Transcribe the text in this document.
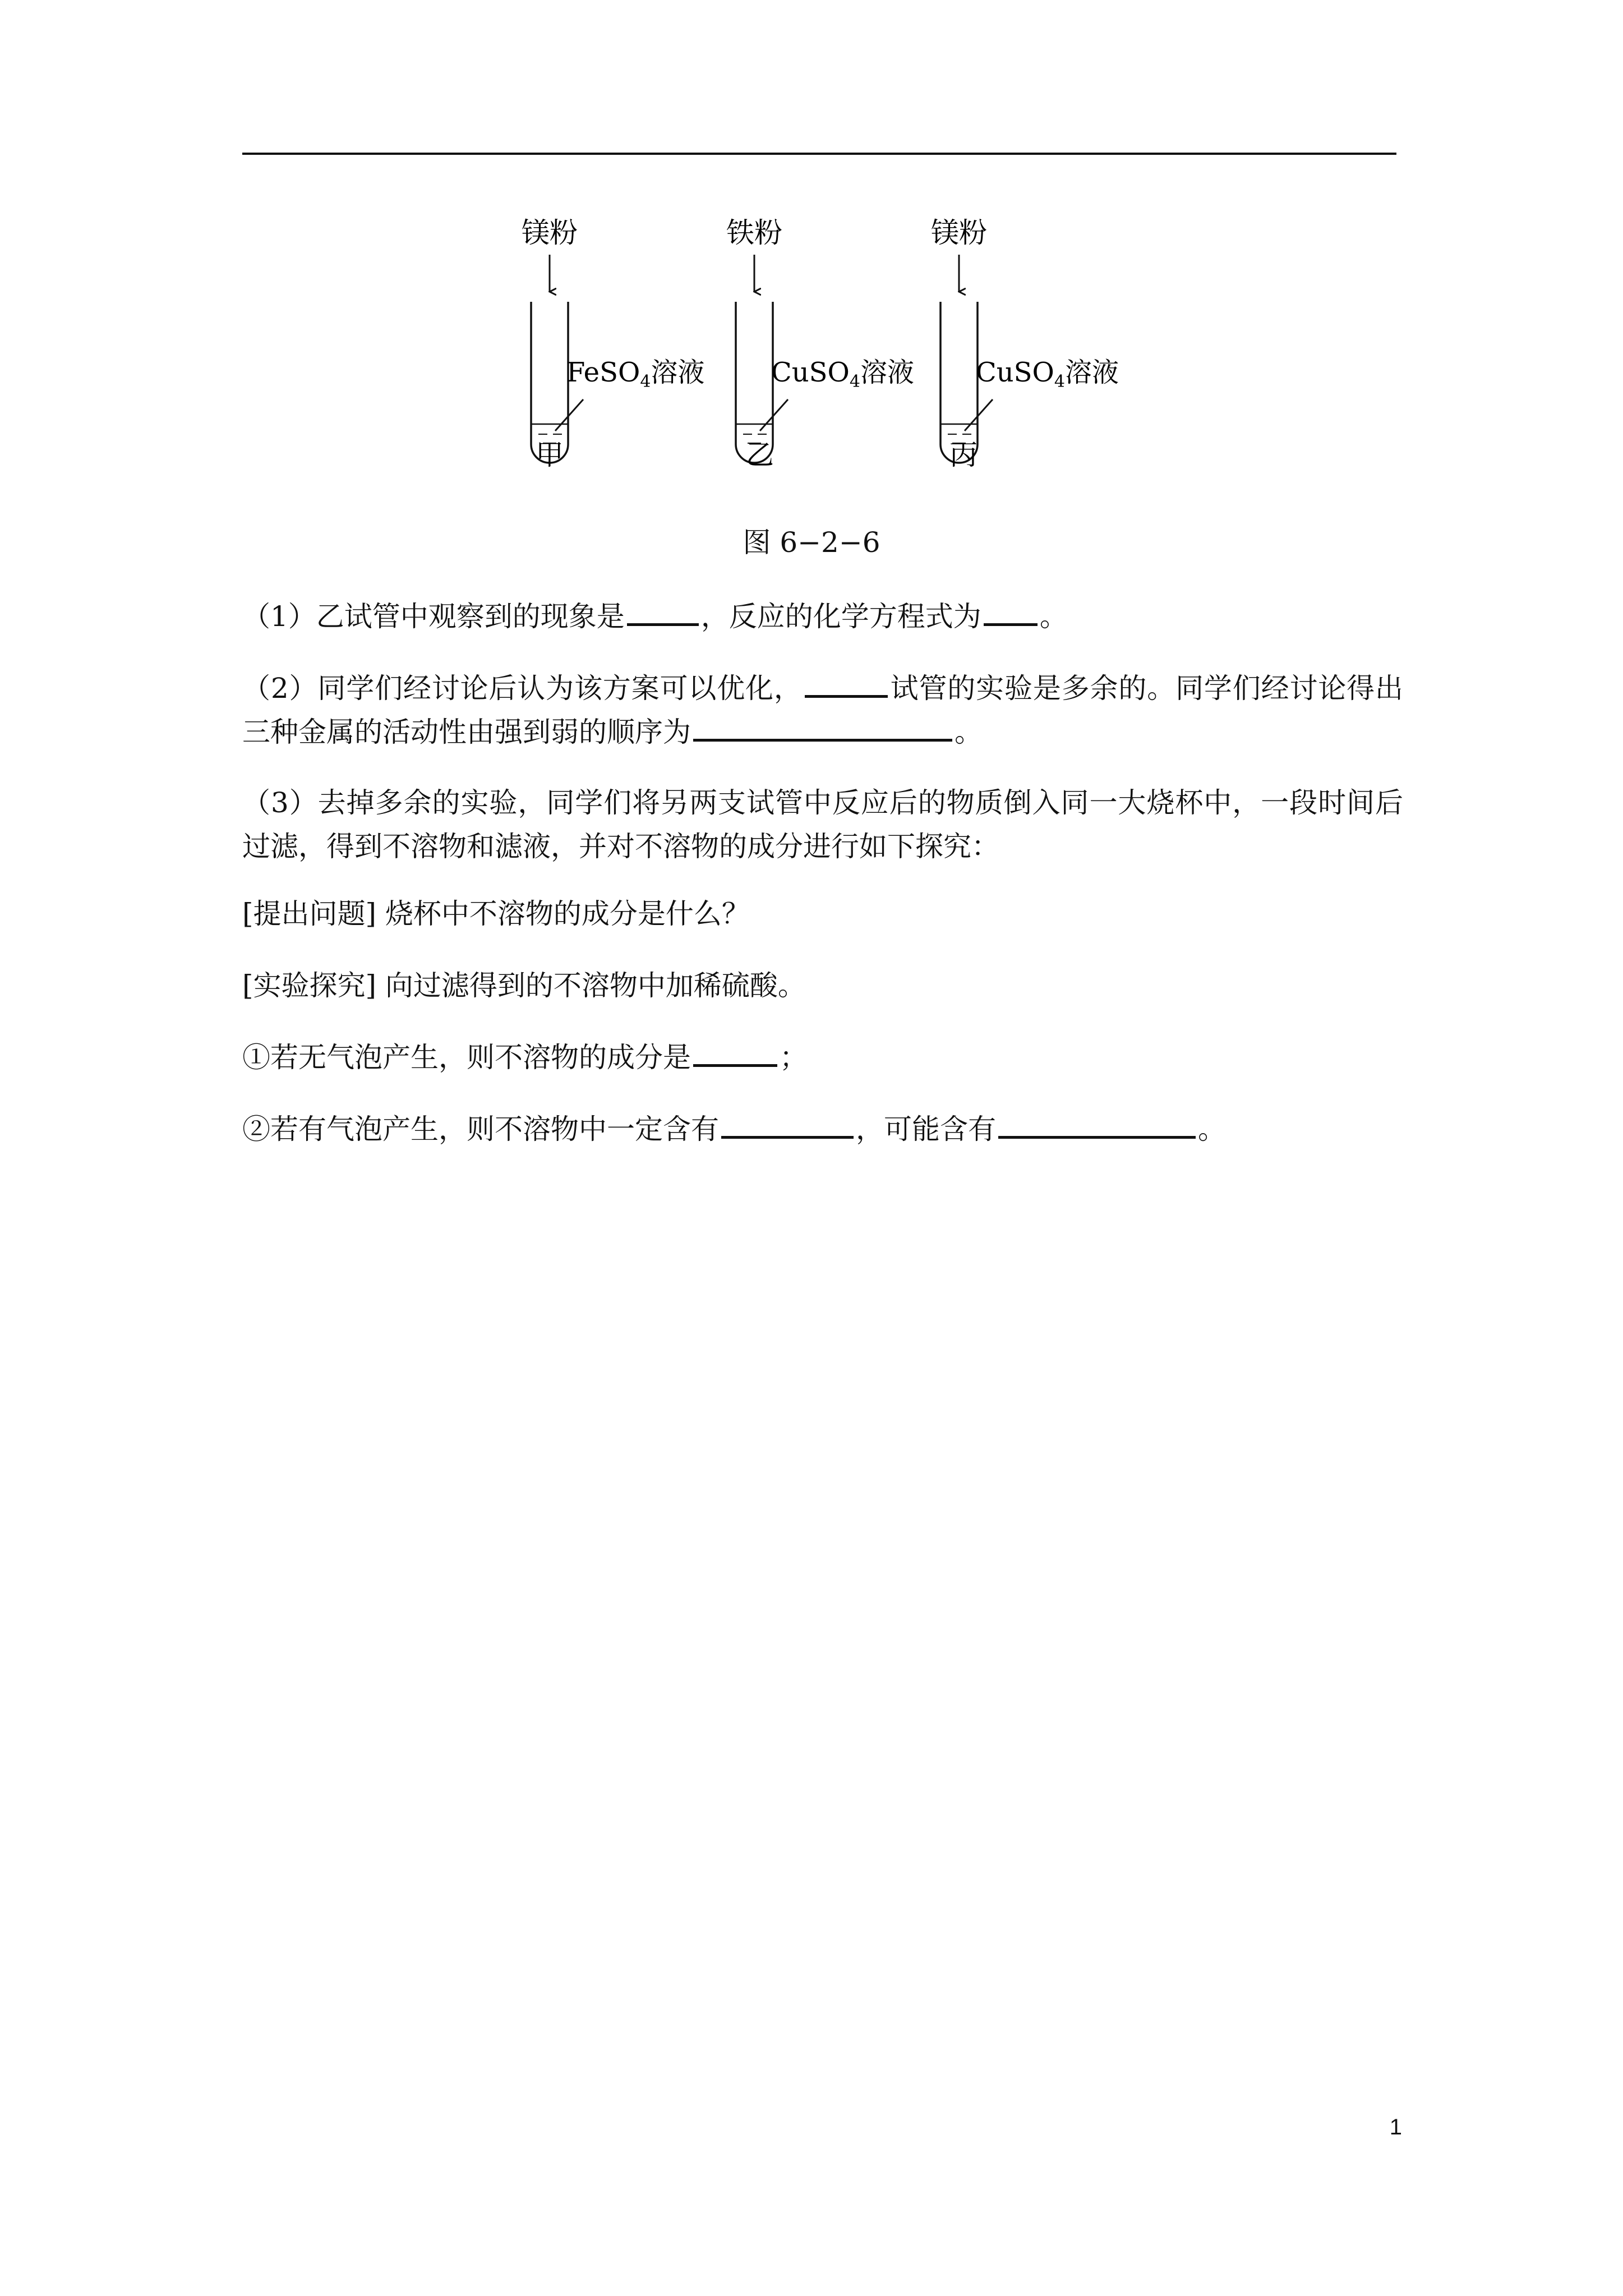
镁粉
FeSO$_4$溶液
甲
铁粉
CuSO$_4$溶液
乙
镁粉
CuSO$_4$溶液
丙
图 6−2−6

（1）乙试管中观察到的现象是	，反应的化学方程式为 。

（2）同学们经讨论后认为该方案可以优化，	试管的实验是多余的。同学们经讨论得出三种金属的活动性由强到弱的顺序为	。

（3）去掉多余的实验，同学们将另两支试管中反应后的物质倒入同一大烧杯中，一段时间后过滤，得到不溶物和滤液，并对不溶物的成分进行如下探究：

[提出问题] 烧杯中不溶物的成分是什么？

[实验探究] 向过滤得到的不溶物中加稀硫酸。

①若无气泡产生，则不溶物的成分是	；

②若有气泡产生，则不溶物中一定含有	，可能含有	。

1
